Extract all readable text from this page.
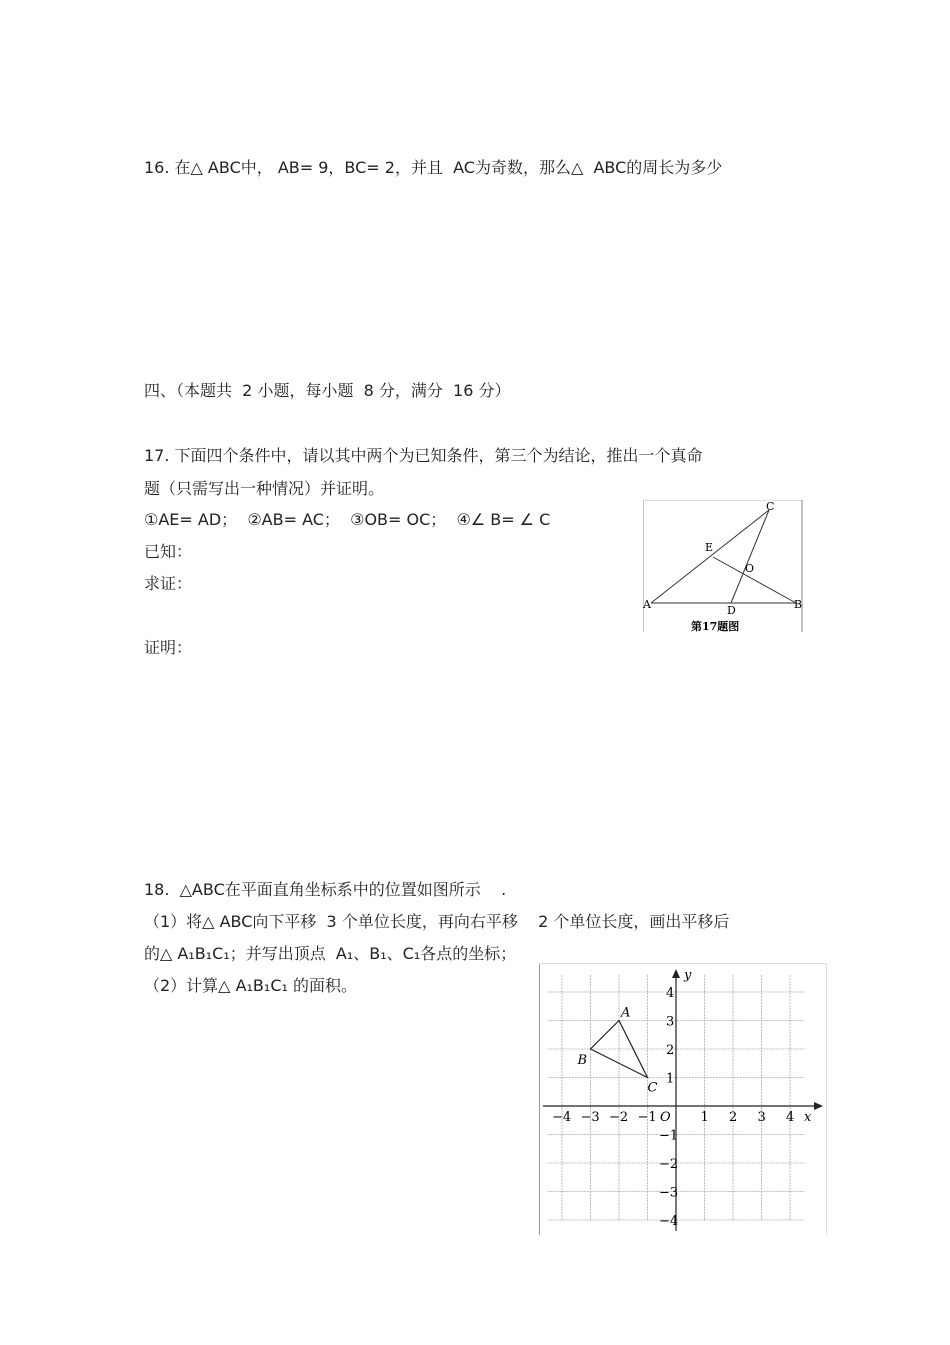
16. 在△ ABC中， AB= 9，BC= 2，并且  AC为奇数，那么△  ABC的周长为多少
四、（本题共  2 小题，每小题  8 分，满分  16 分）
17. 下面四个条件中，请以其中两个为已知条件，第三个为结论，推出一个真命
题（只需写出一种情况）并证明。
①AE= AD；  ②AB= AC；  ③OB= OC；  ④∠ B= ∠ C
已知：
求证：
证明：
A	B
C
D
E
O
第17题图
18.  △ABC在平面直角坐标系中的位置如图所示    .
（1）将△ ABC向下平移  3 个单位长度，再向右平移    2 个单位长度，画出平移后
的△ A₁B₁C₁；并写出顶点  A₁、B₁、C₁各点的坐标；
（2）计算△ A₁B₁C₁ 的面积。
x
y
O
−4 −3 −2 −1	1 2 3 4
4
3
2
1
−1
−2
−3
−4
A
B
C
